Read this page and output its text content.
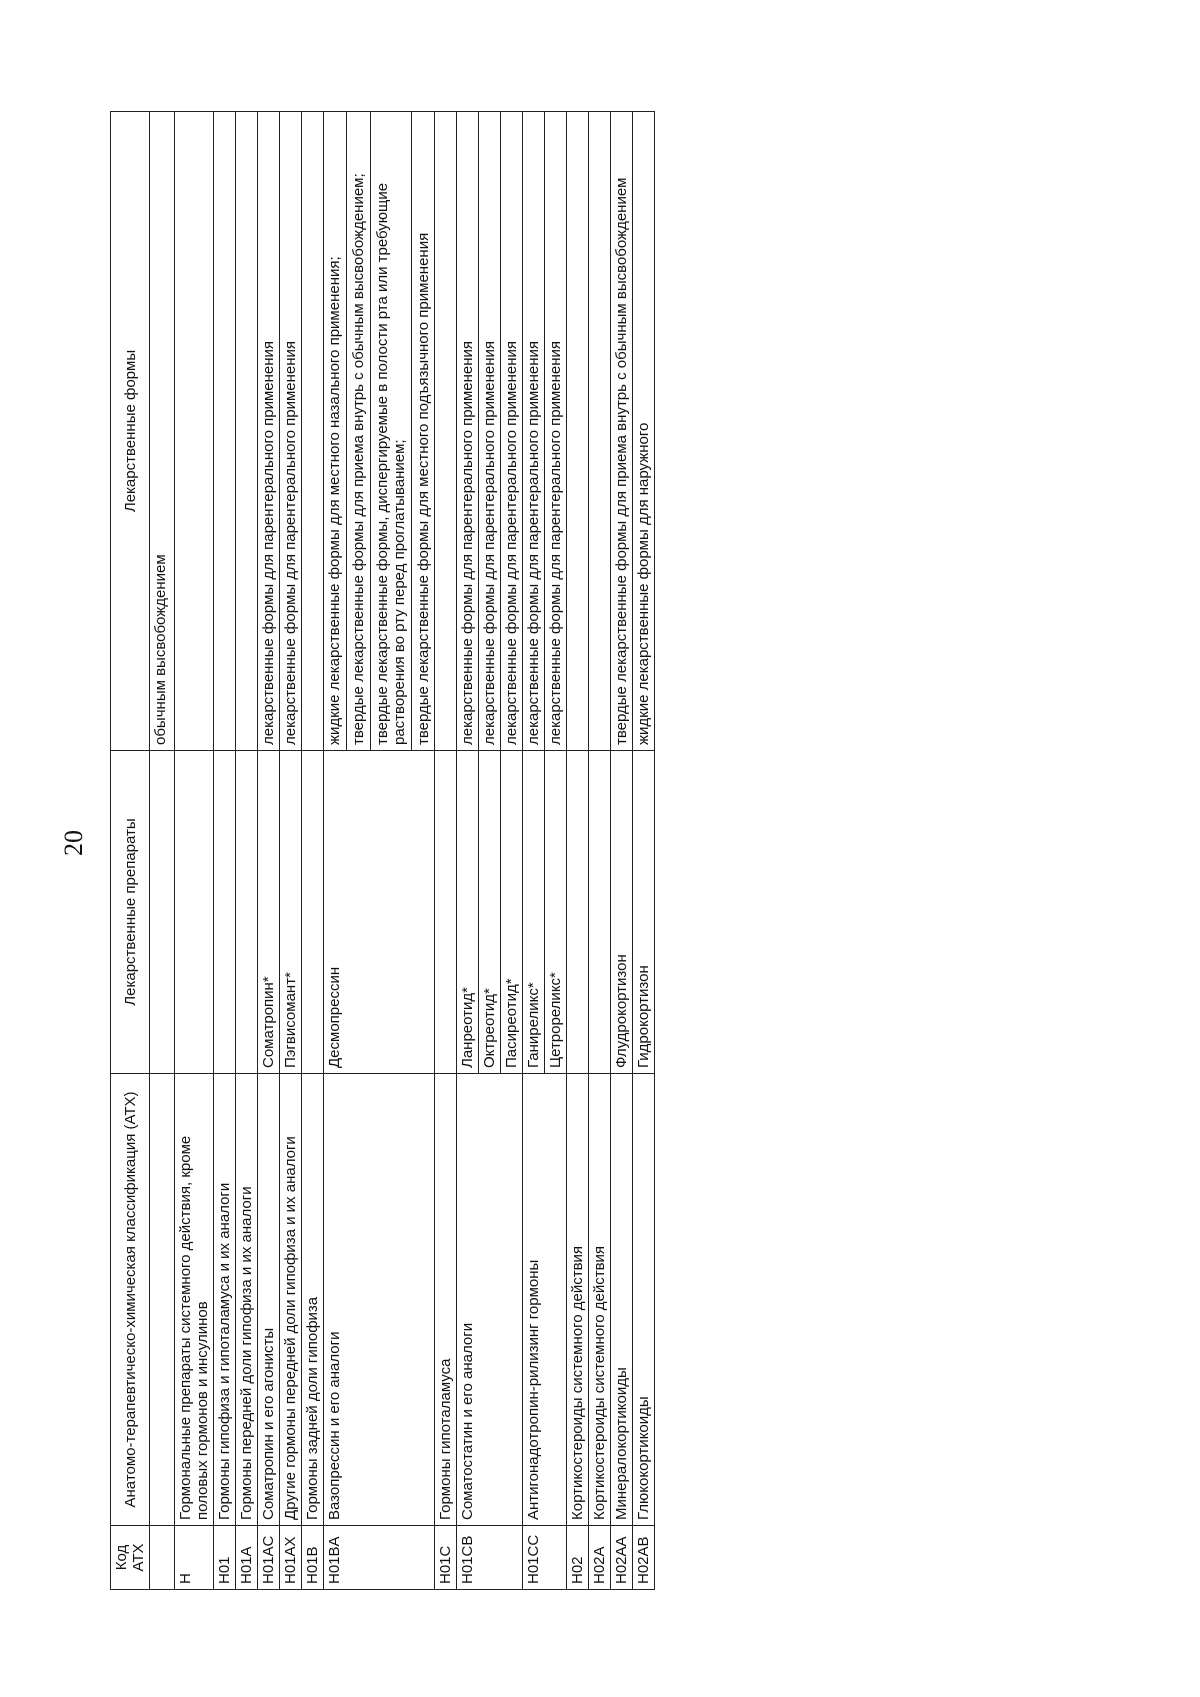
20
Код АТХ	Анатомо-терапевтическо-химическая классификация (АТХ)	Лекарственные препараты	Лекарственные формы
			обычным высвобождением
H	Гормональные препараты системного действия, кроме половых гормонов и инсулинов		
H01	Гормоны гипофиза и гипоталамуса и их аналоги		
H01A	Гормоны передней доли гипофиза и их аналоги		
H01AC	Соматропин и его агонисты	Соматропин*	лекарственные формы для парентерального применения
H01AX	Другие гормоны передней доли гипофиза и их аналоги	Пэгвисомант*	лекарственные формы для парентерального применения
H01B	Гормоны задней доли гипофиза		
H01BA	Вазопрессин и его аналоги	Десмопрессин	жидкие лекарственные формы для местного назального применения; твердые лекарственные формы для приема внутрь с обычным высвобождением; твердые лекарственные формы, диспергируемые в полости рта или требующие растворения во рту перед проглатыванием; твердые лекарственные формы для местного подъязычного применения

H01C	Гормоны гипоталамуса		
H01CB	Соматостатин и его аналоги	Ланреотид*	лекарственные формы для парентерального применения
		Октреотид*	лекарственные формы для парентерального применения
		Пасиреотид*	лекарственные формы для парентерального применения
H01CC	Антигонадотропин-рилизинг гормоны	Ганиреликс*	лекарственные формы для парентерального применения
		Цетрореликс*	лекарственные формы для парентерального применения
H02	Кортикостероиды системного действия		
H02A	Кортикостероиды системного действия		
H02AA	Минералокортикоиды	Флудрокортизон	твердые лекарственные формы для приема внутрь с обычным высвобождением
H02AB	Глюкокортикоиды	Гидрокортизон	жидкие лекарственные формы для наружного
